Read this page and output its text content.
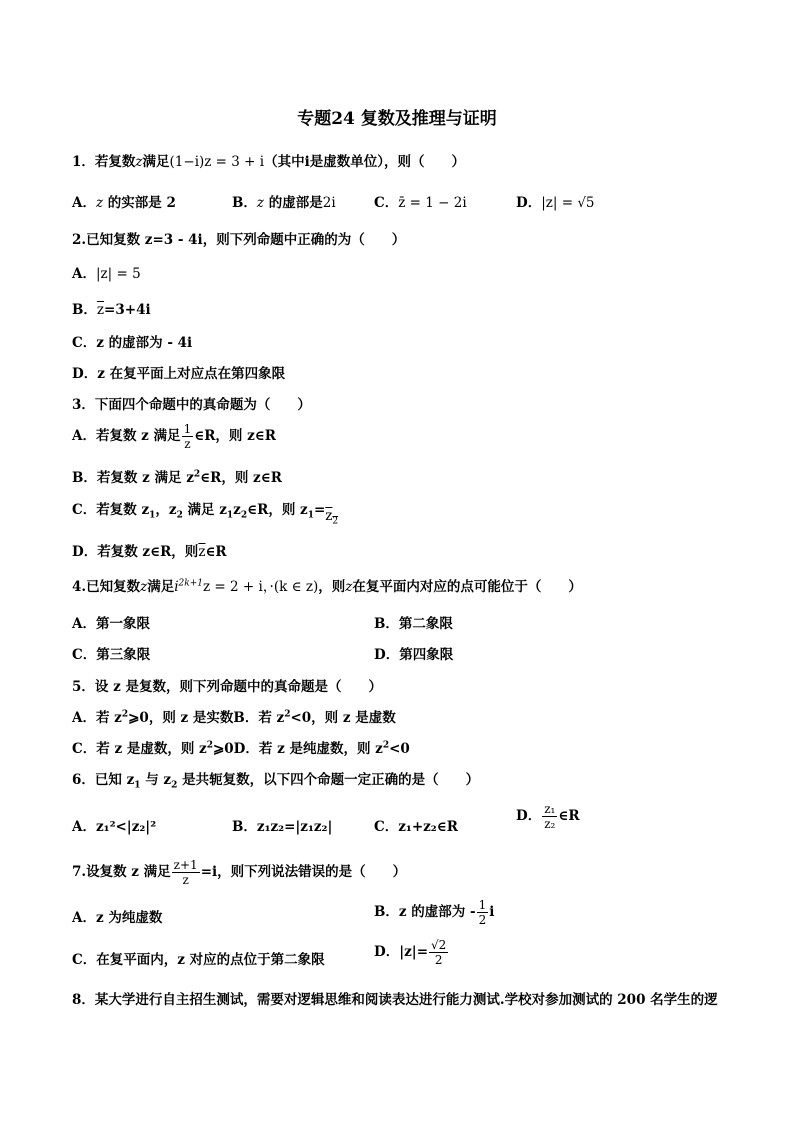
专题24 复数及推理与证明
1．若复数z满足(1−i)z = 3 + i（其中i是虚数单位），则（　　）
A．z 的实部是 2	B．z 的虚部是2i	C．z̄ = 1 − 2i	D．|z| = √5
2.已知复数 z=3 - 4i，则下列命题中正确的为（　　）
A．|z| = 5
B．$\overline{z}=3+4i$
C．z 的虚部为 - 4i
D．z 在复平面上对应点在第四象限
3．下面四个命题中的真命题为（　　）
A．若复数 z 满足 $\frac{1}{z}$ ∈R，则 z∈R
B．若复数 z 满足 $z^2\in R$，则 z∈R
C．若复数 $z_1$，$z_2$ 满足 $z_1z_2\in R$，则 $z_1=z_2$
D．若复数 z∈R，则$\overline{z}\in R$
4.已知复数z满足$i^{2k+1}z = 2 + i$，·(k ∈ z)，则z在复平面内对应的点可能位于（　　）
A．第一象限	B．第二象限
C．第三象限	D．第四象限
5．设 z 是复数，则下列命题中的真命题是（　　）
A．若 $z^2⩾0$，则 z 是实数B．若 $z^2<0$，则 z 是虚数
C．若 z 是虚数，则 $z^2⩾0D$．若 z 是纯虚数，则 $z^2<0$
6．已知 $z_1$ 与 $z_2$ 是共轭复数，以下四个命题一定正确的是（　　）
A．z₁²<|z₂|²	B．z₁z₂=|z₁z₂|	C．z₁+z₂∈R
D． $\frac{\text{z₁}}{\text{z₂}}$ ∈R
7.设复数 z 满足 $\frac{z+1}{z} =i$，则下列说法错误的是（　　）
A．z 为纯虚数	B．z 的虚部为 - $\frac{1}{2}$ i
C．在复平面内，z 对应的点位于第二象限	D．$|z|= \frac{√2}{2}$
8．某大学进行自主招生测试，需要对逻辑思维和阅读表达进行能力测试.学校对参加测试的 200 名学生的逻
